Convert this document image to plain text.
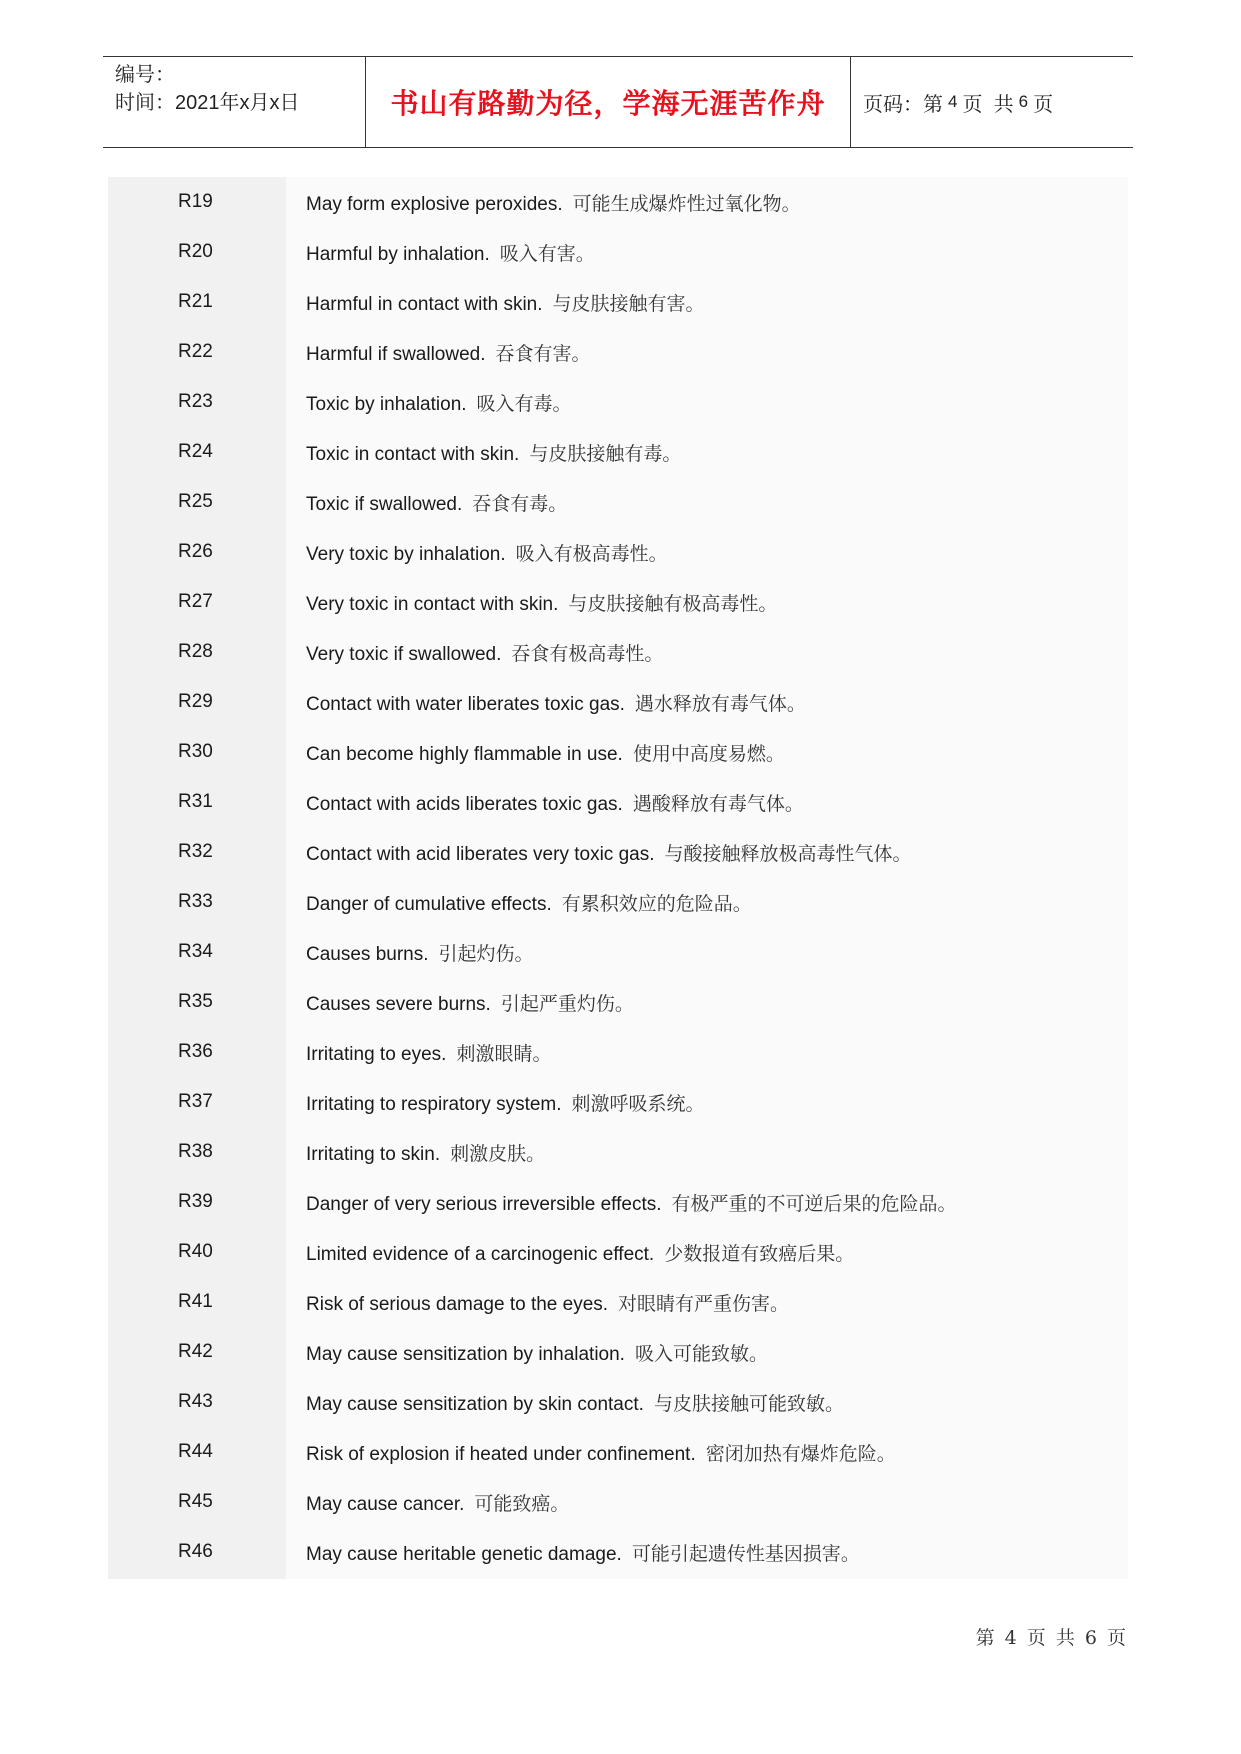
编号：
时间：2021年x月x日	书山有路勤为径，学海无涯苦作舟	页码：第 4 页  共 6 页
R19	May form explosive peroxides. 可能生成爆炸性过氧化物。
R20	Harmful by inhalation. 吸入有害。
R21	Harmful in contact with skin. 与皮肤接触有害。
R22	Harmful if swallowed. 吞食有害。
R23	Toxic by inhalation. 吸入有毒。
R24	Toxic in contact with skin. 与皮肤接触有毒。
R25	Toxic if swallowed. 吞食有毒。
R26	Very toxic by inhalation. 吸入有极高毒性。
R27	Very toxic in contact with skin. 与皮肤接触有极高毒性。
R28	Very toxic if swallowed. 吞食有极高毒性。
R29	Contact with water liberates toxic gas. 遇水释放有毒气体。
R30	Can become highly flammable in use. 使用中高度易燃。
R31	Contact with acids liberates toxic gas. 遇酸释放有毒气体。
R32	Contact with acid liberates very toxic gas. 与酸接触释放极高毒性气体。
R33	Danger of cumulative effects. 有累积效应的危险品。
R34	Causes burns. 引起灼伤。
R35	Causes severe burns. 引起严重灼伤。
R36	Irritating to eyes. 刺激眼睛。
R37	Irritating to respiratory system. 刺激呼吸系统。
R38	Irritating to skin. 刺激皮肤。
R39	Danger of very serious irreversible effects. 有极严重的不可逆后果的危险品。
R40	Limited evidence of a carcinogenic effect. 少数报道有致癌后果。
R41	Risk of serious damage to the eyes. 对眼睛有严重伤害。
R42	May cause sensitization by inhalation. 吸入可能致敏。
R43	May cause sensitization by skin contact. 与皮肤接触可能致敏。
R44	Risk of explosion if heated under confinement. 密闭加热有爆炸危险。
R45	May cause cancer. 可能致癌。
R46	May cause heritable genetic damage. 可能引起遗传性基因损害。
第 4 页 共 6 页
